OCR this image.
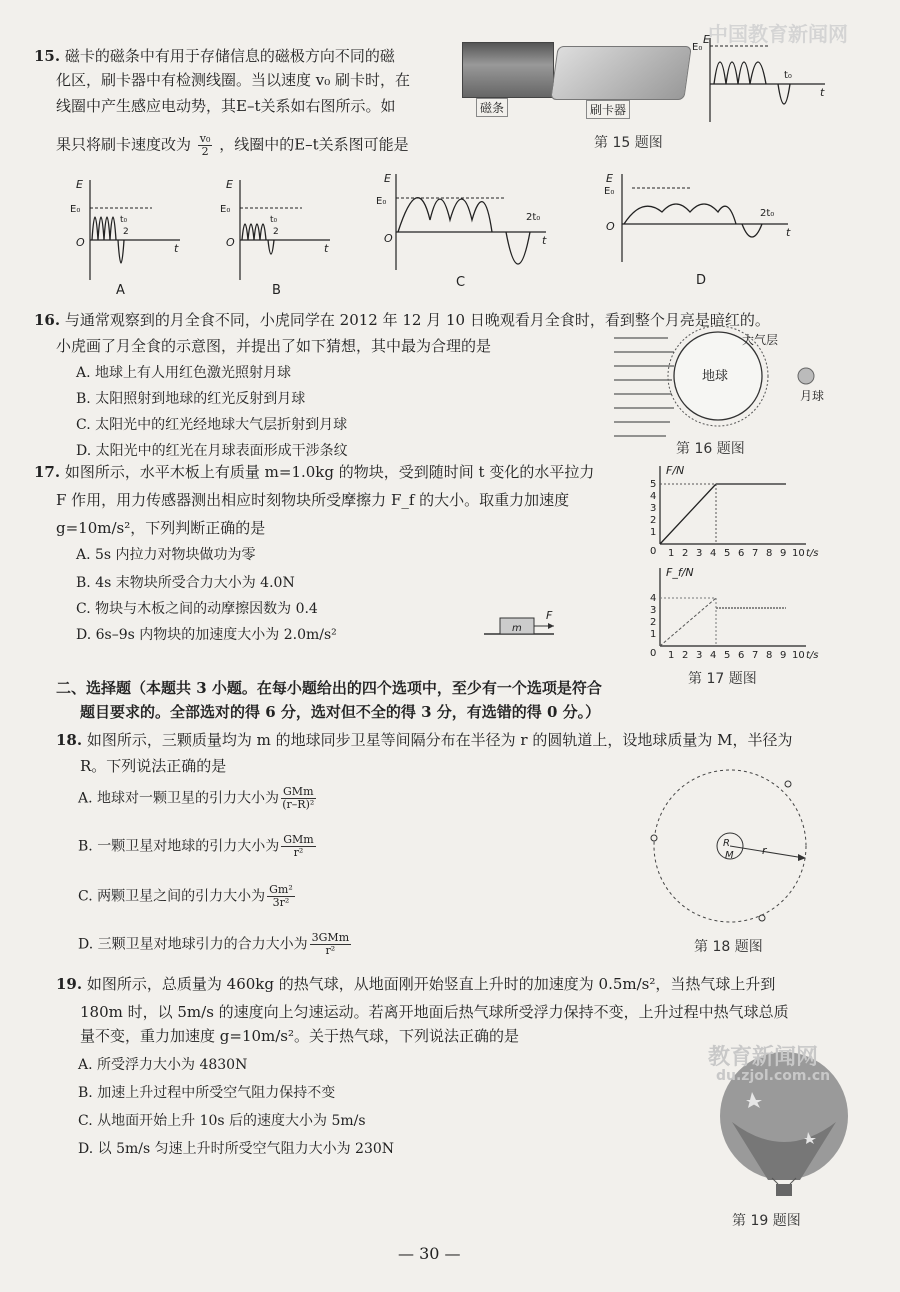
15. 磁卡的磁条中有用于存储信息的磁极方向不同的磁
化区，刷卡器中有检测线圈。当以速度 v₀ 刷卡时，在
线圈中产生感应电动势，其E–t关系如右图所示。如
果只将刷卡速度改为 $\frac{\text{v₀}}{2}$ ，线圈中的E–t关系图可能是
磁条	刷卡器
E
E₀
t₀
t
第 15 题图
E
E₀
t₀
2
O	t
A
E
E₀
t₀
2
O	t
B
E
E₀
2t₀
O	t
C
E
E₀
2t₀
O	t
D
16. 与通常观察到的月全食不同，小虎同学在 2012 年 12 月 10 日晚观看月全食时，看到整个月亮是暗红的。
小虎画了月全食的示意图，并提出了如下猜想，其中最为合理的是
A. 地球上有人用红色激光照射月球
B. 太阳照射到地球的红光反射到月球
C. 太阳光中的红光经地球大气层折射到月球
D. 太阳光中的红光在月球表面形成干涉条纹
地球
大气层
月球
第 16 题图
17. 如图所示，水平木板上有质量 m=1.0kg 的物块，受到随时间 t 变化的水平拉力
F 作用，用力传感器测出相应时刻物块所受摩擦力 F_f 的大小。取重力加速度
g=10m/s²，下列判断正确的是
A. 5s 内拉力对物块做功为零
B. 4s 末物块所受合力大小为 4.0N
C. 物块与木板之间的动摩擦因数为 0.4
D. 6s–9s 内物块的加速度大小为 2.0m/s²	m
F
F/N
1
2
3
4
5
0 1 2 3 4 5 6 7 8 9 10 t/s
F_f/N
1
2
3
4
0 1 2 3 4 5 6 7 8 9 10 t/s
第 17 题图
二、选择题（本题共 3 小题。在每小题给出的四个选项中，至少有一个选项是符合
题目要求的。全部选对的得 6 分，选对但不全的得 3 分，有选错的得 0 分。）
18. 如图所示，三颗质量均为 m 的地球同步卫星等间隔分布在半径为 r 的圆轨道上，设地球质量为 M，半径为
R。下列说法正确的是
A. 地球对一颗卫星的引力大小为 $\frac{\text{GMm}}{\text{(r–R)²}}$
B. 一颗卫星对地球的引力大小为 $\frac{\text{GMm}}{\text{r²}}$
C. 两颗卫星之间的引力大小为 $\frac{\text{Gm²}}{\text{3r²}}$
D. 三颗卫星对地球引力的合力大小为 $\frac{\text{3GMm}}{\text{r²}}$
R
M	r
第 18 题图
19. 如图所示，总质量为 460kg 的热气球，从地面刚开始竖直上升时的加速度为 0.5m/s²，当热气球上升到
180m 时，以 5m/s 的速度向上匀速运动。若离开地面后热气球所受浮力保持不变，上升过程中热气球总质
量不变，重力加速度 g=10m/s²。关于热气球，下列说法正确的是
A. 所受浮力大小为 4830N
B. 加速上升过程中所受空气阻力保持不变
C. 从地面开始上升 10s 后的速度大小为 5m/s
D. 以 5m/s 匀速上升时所受空气阻力大小为 230N
第 19 题图
中国教育新闻网
教育新闻网
du.zjol.com.cn
— 30 —
